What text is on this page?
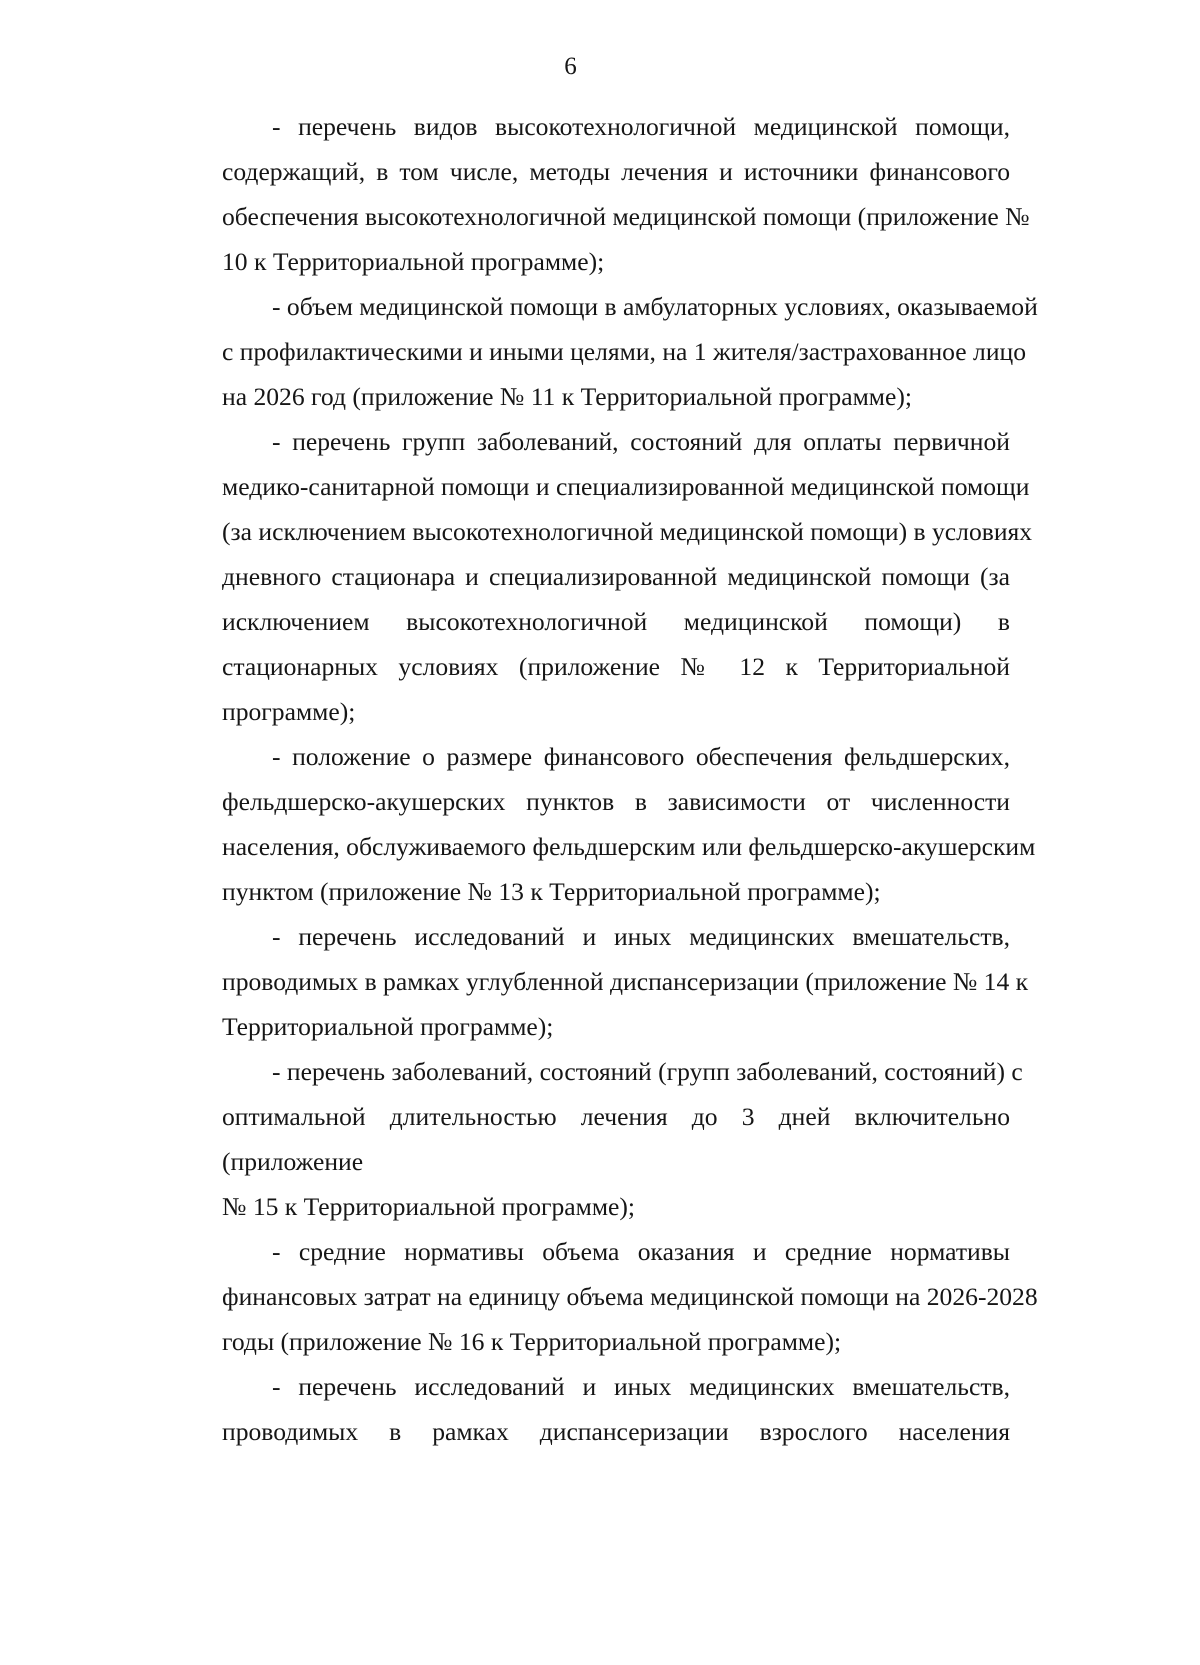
6
- перечень видов высокотехнологичной медицинской помощи,
содержащий, в том числе, методы лечения и источники финансового
обеспечения высокотехнологичной медицинской помощи (приложение №
10 к Территориальной программе);
- объем медицинской помощи в амбулаторных условиях, оказываемой
с профилактическими и иными целями, на 1 жителя/застрахованное лицо
на 2026 год (приложение № 11 к Территориальной программе);
- перечень групп заболеваний, состояний для оплаты первичной
медико-санитарной помощи и специализированной медицинской помощи
(за исключением высокотехнологичной медицинской помощи) в условиях
дневного стационара и специализированной медицинской помощи (за
исключением высокотехнологичной медицинской помощи) в
стационарных условиях (приложение № 12 к Территориальной
программе);
- положение о размере финансового обеспечения фельдшерских,
фельдшерско-акушерских пунктов в зависимости от численности
населения, обслуживаемого фельдшерским или фельдшерско-акушерским
пунктом (приложение № 13 к Территориальной программе);
- перечень исследований и иных медицинских вмешательств,
проводимых в рамках углубленной диспансеризации (приложение № 14 к
Территориальной программе);
- перечень заболеваний, состояний (групп заболеваний, состояний) с
оптимальной длительностью лечения до 3 дней включительно
(приложение
№ 15 к Территориальной программе);
- средние нормативы объема оказания и средние нормативы
финансовых затрат на единицу объема медицинской помощи на 2026-2028
годы (приложение № 16 к Территориальной программе);
- перечень исследований и иных медицинских вмешательств,
проводимых в рамках диспансеризации взрослого населения
